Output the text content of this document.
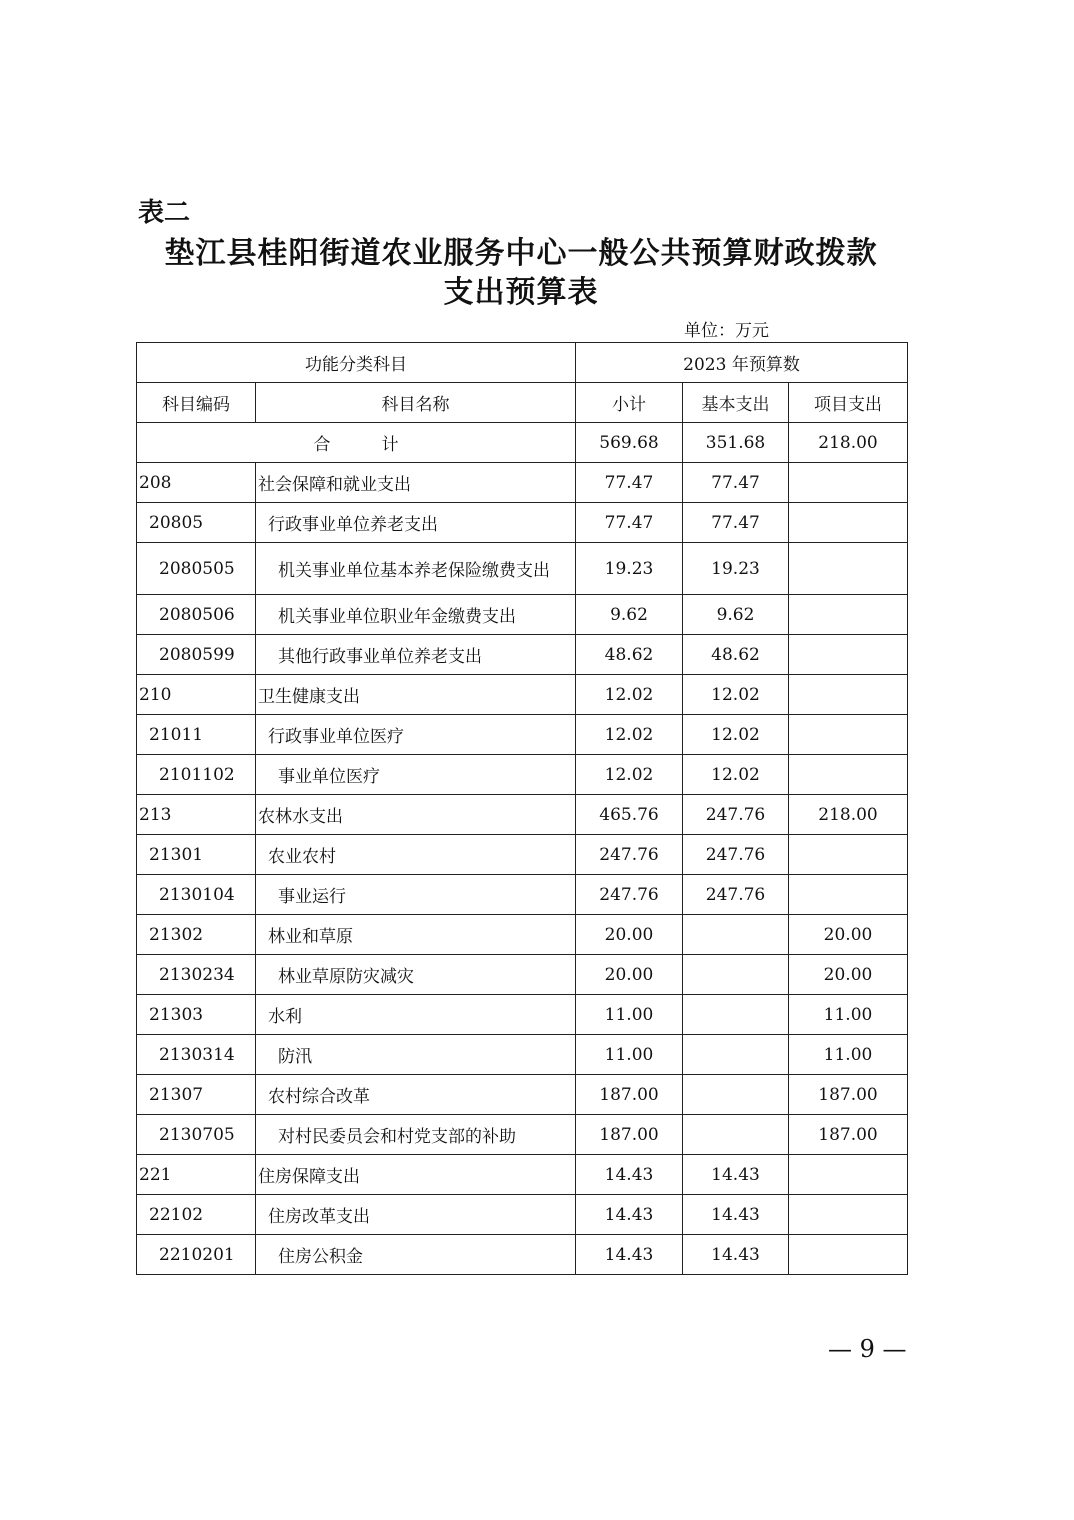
表二
垫江县桂阳街道农业服务中心一般公共预算财政拨款
支出预算表
单位：万元
功能分类科目		2023 年预算数		
科目编码	科目名称	小计	基本支出	项目支出
合　　　计		569.68	351.68	218.00
208	社会保障和就业支出	77.47	77.47	
20805	行政事业单位养老支出	77.47	77.47	
2080505	机关事业单位基本养老保险缴费支出	19.23	19.23	
2080506	机关事业单位职业年金缴费支出	9.62	9.62	
2080599	其他行政事业单位养老支出	48.62	48.62	
210	卫生健康支出	12.02	12.02	
21011	行政事业单位医疗	12.02	12.02	
2101102	事业单位医疗	12.02	12.02	
213	农林水支出	465.76	247.76	218.00
21301	农业农村	247.76	247.76	
2130104	事业运行	247.76	247.76	
21302	林业和草原	20.00		20.00
2130234	林业草原防灾减灾	20.00		20.00
21303	水利	11.00		11.00
2130314	防汛	11.00		11.00
21307	农村综合改革	187.00		187.00
2130705	对村民委员会和村党支部的补助	187.00		187.00
221	住房保障支出	14.43	14.43	
22102	住房改革支出	14.43	14.43	
2210201	住房公积金	14.43	14.43	
— 9 —
